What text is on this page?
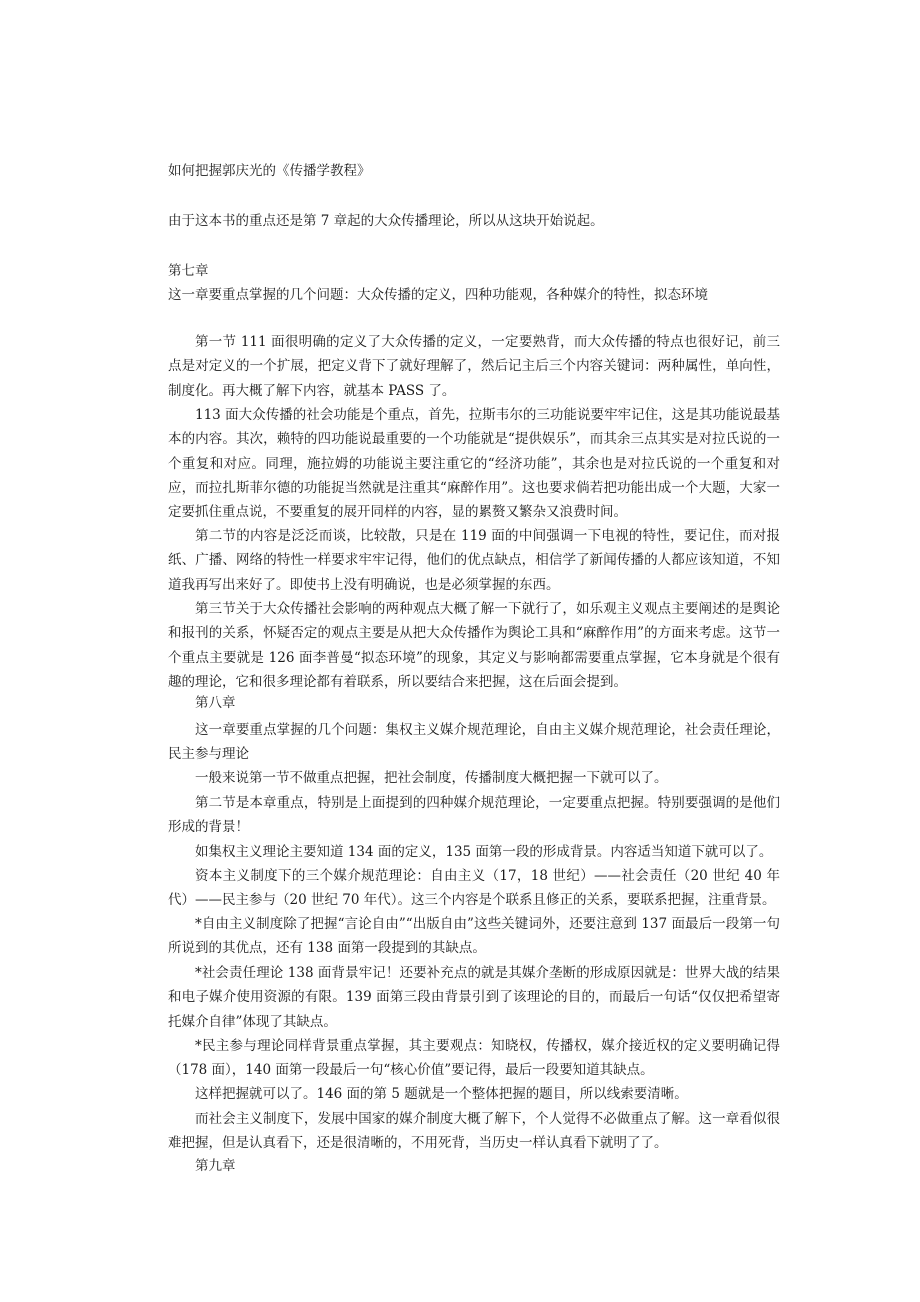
如何把握郭庆光的《传播学教程》
由于这本书的重点还是第 7 章起的大众传播理论，所以从这块开始说起。
第七章
这一章要重点掌握的几个问题：大众传播的定义，四种功能观，各种媒介的特性，拟态环境
第一节 111 面很明确的定义了大众传播的定义，一定要熟背，而大众传播的特点也很好记，前三点是对定义的一个扩展，把定义背下了就好理解了，然后记主后三个内容关键词：两种属性，单向性，制度化。再大概了解下内容，就基本 PASS 了。
113 面大众传播的社会功能是个重点，首先，拉斯韦尔的三功能说要牢牢记住，这是其功能说最基本的内容。其次，赖特的四功能说最重要的一个功能就是“提供娱乐”，而其余三点其实是对拉氏说的一个重复和对应。同理，施拉姆的功能说主要注重它的“经济功能”，其余也是对拉氏说的一个重复和对应，而拉扎斯菲尔德的功能捉当然就是注重其“麻醉作用”。这也要求倘若把功能出成一个大题，大家一定要抓住重点说，不要重复的展开同样的内容，显的累赘又繁杂又浪费时间。
第二节的内容是泛泛而谈，比较散，只是在 119 面的中间强调一下电视的特性，要记住，而对报纸、广播、网络的特性一样要求牢牢记得，他们的优点缺点，相信学了新闻传播的人都应该知道，不知道我再写出来好了。即使书上没有明确说，也是必须掌握的东西。
第三节关于大众传播社会影响的两种观点大概了解一下就行了，如乐观主义观点主要阐述的是舆论和报刊的关系，怀疑否定的观点主要是从把大众传播作为舆论工具和“麻醉作用”的方面来考虑。这节一个重点主要就是 126 面李普曼“拟态环境”的现象，其定义与影响都需要重点掌握，它本身就是个很有趣的理论，它和很多理论都有着联系，所以要结合来把握，这在后面会提到。
第八章
这一章要重点掌握的几个问题：集权主义媒介规范理论，自由主义媒介规范理论，社会责任理论，民主参与理论
一般来说第一节不做重点把握，把社会制度，传播制度大概把握一下就可以了。
第二节是本章重点，特别是上面提到的四种媒介规范理论，一定要重点把握。特别要强调的是他们形成的背景！
如集权主义理论主要知道 134 面的定义，135 面第一段的形成背景。内容适当知道下就可以了。
资本主义制度下的三个媒介规范理论：自由主义（17，18 世纪）——社会责任（20 世纪 40 年代）——民主参与（20 世纪 70 年代）。这三个内容是个联系且修正的关系，要联系把握，注重背景。
*自由主义制度除了把握“言论自由”“出版自由”这些关键词外，还要注意到 137 面最后一段第一句所说到的其优点，还有 138 面第一段提到的其缺点。
*社会责任理论 138 面背景牢记！还要补充点的就是其媒介垄断的形成原因就是：世界大战的结果和电子媒介使用资源的有限。139 面第三段由背景引到了该理论的目的，而最后一句话“仅仅把希望寄托媒介自律”体现了其缺点。
*民主参与理论同样背景重点掌握，其主要观点：知晓权，传播权，媒介接近权的定义要明确记得（178 面），140 面第一段最后一句“核心价值”要记得，最后一段要知道其缺点。
这样把握就可以了。146 面的第 5 题就是一个整体把握的题目，所以线索要清晰。
而社会主义制度下，发展中国家的媒介制度大概了解下，个人觉得不必做重点了解。这一章看似很难把握，但是认真看下，还是很清晰的，不用死背，当历史一样认真看下就明了了。
第九章
